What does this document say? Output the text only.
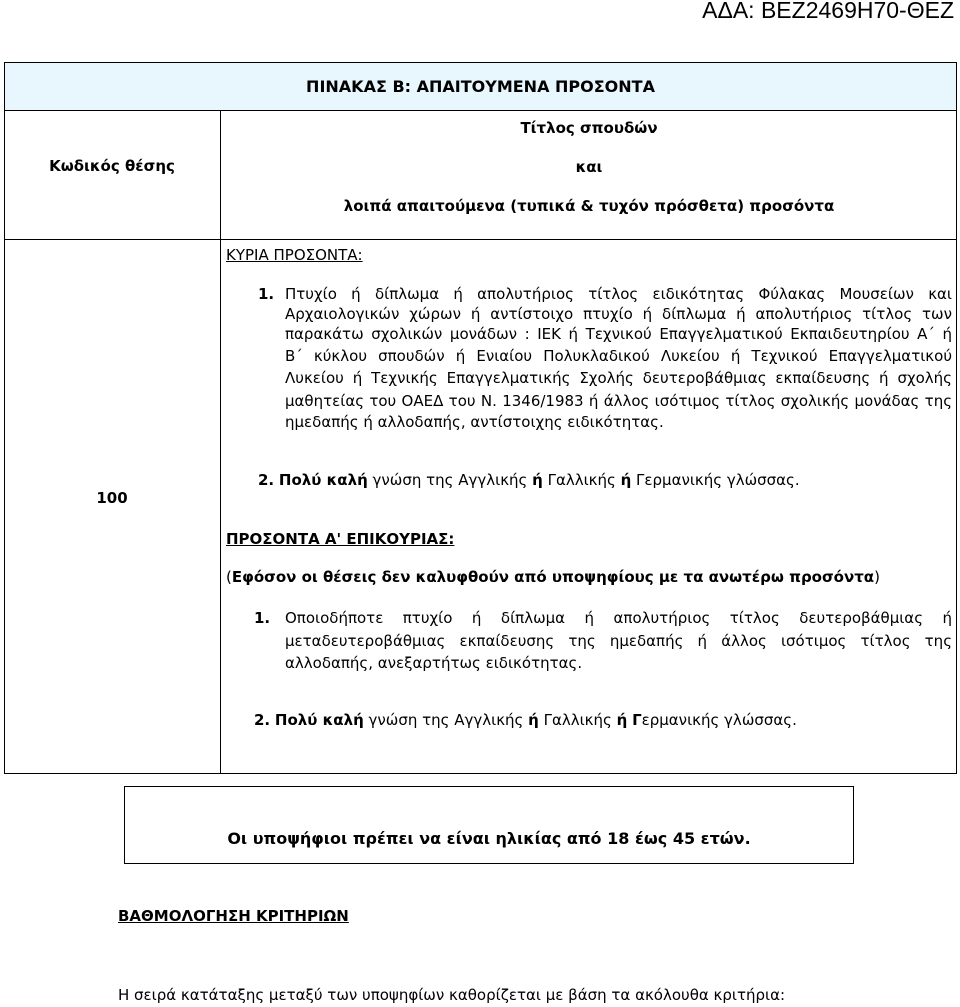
ΑΔΑ: ΒΕΖ2469Η70-ΘΕΖ
ΠΙΝΑΚΑΣ Β: ΑΠΑΙΤΟΥΜΕΝΑ ΠΡΟΣΟΝΤΑ
Κωδικός θέσης
Τίτλος σπουδών
και
λοιπά απαιτούμενα (τυπικά & τυχόν πρόσθετα) προσόντα
100
ΚΥΡΙΑ ΠΡΟΣΟΝΤΑ:
1. Πτυχίο ή δίπλωμα ή απολυτήριος τίτλος ειδικότητας Φύλακας Μουσείων και
Αρχαιολογικών χώρων ή αντίστοιχο πτυχίο ή δίπλωμα ή απολυτήριος τίτλος των
παρακάτω σχολικών μονάδων : ΙΕΚ ή Τεχνικού Επαγγελματικού Εκπαιδευτηρίου Α΄ ή
Β΄ κύκλου σπουδών ή Ενιαίου Πολυκλαδικού Λυκείου ή Τεχνικού Επαγγελματικού
Λυκείου ή Τεχνικής Επαγγελματικής Σχολής δευτεροβάθμιας εκπαίδευσης ή σχολής
μαθητείας του ΟΑΕΔ του Ν. 1346/1983 ή άλλος ισότιμος τίτλος σχολικής μονάδας της
ημεδαπής ή αλλοδαπής, αντίστοιχης ειδικότητας.
2. Πολύ καλή γνώση της Αγγλικής ή Γαλλικής ή Γερμανικής γλώσσας.
ΠΡΟΣΟΝΤΑ Α' ΕΠΙΚΟΥΡΙΑΣ:
(Εφόσον οι θέσεις δεν καλυφθούν από υποψηφίους με τα ανωτέρω προσόντα)
1. Οποιοδήποτε πτυχίο ή δίπλωμα ή απολυτήριος τίτλος δευτεροβάθμιας ή
μεταδευτεροβάθμιας εκπαίδευσης της ημεδαπής ή άλλος ισότιμος τίτλος της
αλλοδαπής, ανεξαρτήτως ειδικότητας.
2. Πολύ καλή γνώση της Αγγλικής ή Γαλλικής ή Γερμανικής γλώσσας.
Οι υποψήφιοι πρέπει να είναι ηλικίας από 18 έως 45 ετών.
ΒΑΘΜΟΛΟΓΗΣΗ ΚΡΙΤΗΡΙΩΝ
Η σειρά κατάταξης μεταξύ των υποψηφίων καθορίζεται με βάση τα ακόλουθα κριτήρια:
